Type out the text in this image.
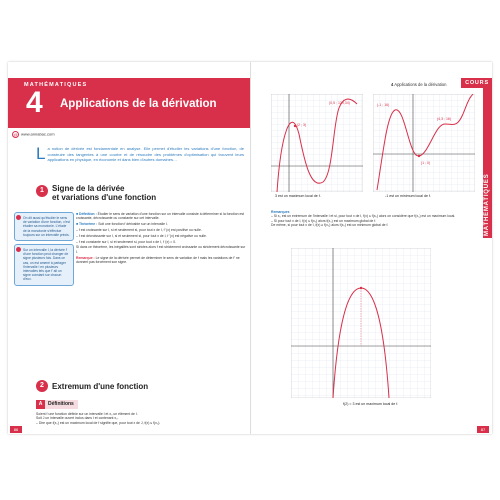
MATHÉMATIQUES
4 Applications de la dérivation
@ www.annabac.com
La notion de dérivée est fondamentale en analyse. Elle permet d'étudier les variations d'une fonction, de construire des tangentes à une courbe et de résoudre des problèmes d'optimisation qui trouvent leurs applications en physique, en économie et dans bien d'autres domaines…
1	Signe de la dérivée
et variations d'une fonction
On dit aussi qu'étudier le sens de variation d'une fonction, c'est étudier sa monotonie. L'étude de la monotonie s'effectue toujours sur un intervalle précis.
Sur un intervalle I, la dérivée f' d'une fonction peut changer de signe plusieurs fois. Dans ce cas, on est amené à partager l'intervalle I en plusieurs intervalles tels que f' ait un signe constant sur chacun d'eux.

■ Définition : Étudier le sens de variation d'une fonction sur un intervalle consiste à déterminer si la fonction est croissante, décroissante ou constante sur cet intervalle.

■ Théorème : Soit une fonction f dérivable sur un intervalle I.

– f est croissante sur I, si et seulement si, pour tout x de I, f '(x) est positive ou nulle.

– f est décroissante sur I, si et seulement si, pour tout x de I, f '(x) est négative ou nulle.

– f est constante sur I, si et seulement si, pour tout x de I, f '(x) = 0.

Si dans ce théorème, les inégalités sont strictes alors f est strictement croissante ou strictement décroissante sur I.

Remarque : Le signe de la dérivée permet de déterminer le sens de variation de f mais les variations de f' ne donnent pas forcément son signe.

2	Extremum d'une fonction
A Définitions
Soient f une fonction définie sur un intervalle I et x₀ un élément de I.
Soit J un intervalle ouvert inclus dans I et contenant x₀.
– Dire que f(x₀) est un maximum local de f signifie que, pour tout x de J, f(x) ≤ f(x₀).
86
4 Applications de la dérivation	COURS
MATHÉMATIQUES
(2 ; 3)
(0,5 ; 129,34)
3 est un maximum local de f.
(-1 ; 16)
(4,3 ; 16)
(1 ; 0)
-1 est un minimum local de f.
Remarques
– Si x₀ est un extremum de l'intervalle I et si, pour tout x de I, f(x) ≤ f(x₀) alors on considère que f(x₀) est un maximum local.
– Si pour tout x de I, f(x) ≤ f(x₀) alors f(x₀) est un maximum global de f.
De même, si pour tout x de I, f(x) ≥ f(x₀) alors f(x₀) est un minimum global de f.
f(2) = 3 est un maximum local de f.
87
